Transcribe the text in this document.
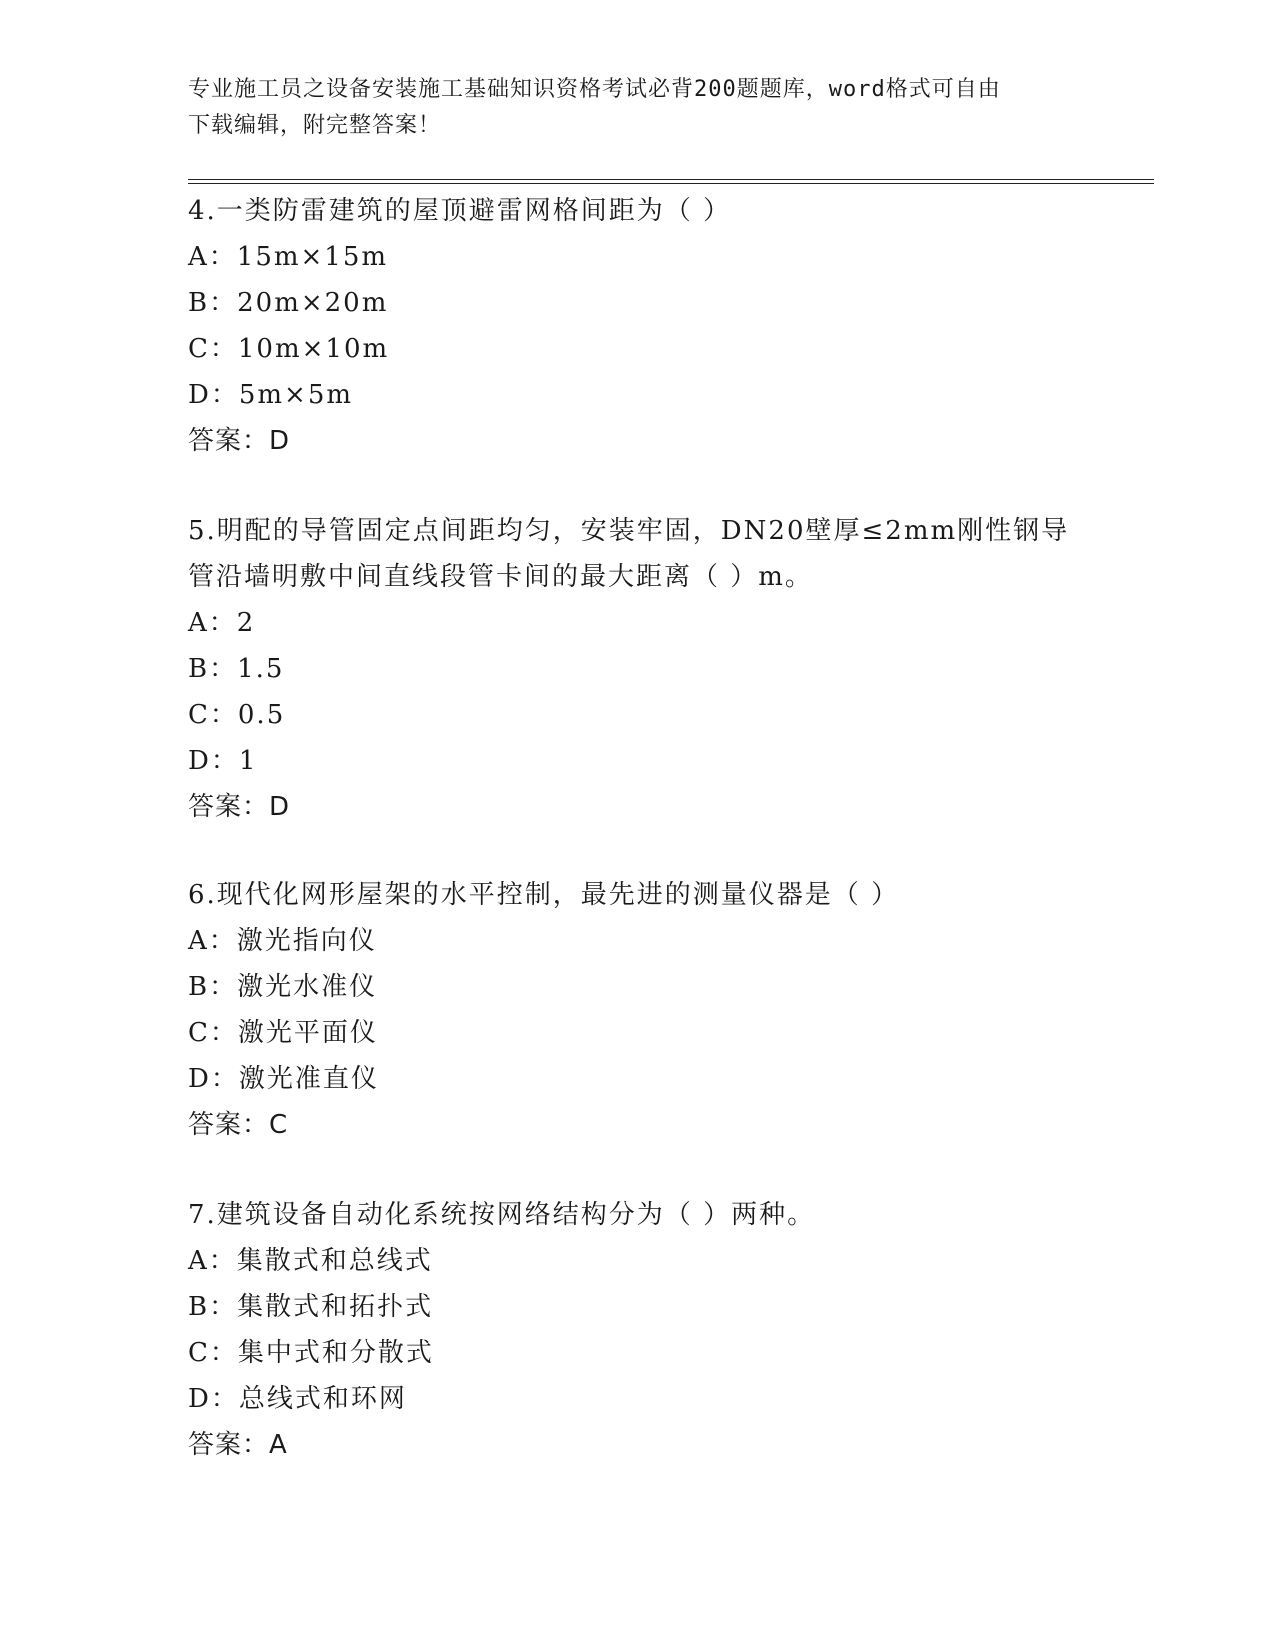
专业施工员之设备安装施工基础知识资格考试必背200题题库，word格式可自由
下载编辑，附完整答案！
4.一类防雷建筑的屋顶避雷网格间距为（ ）
A：15m×15m
B：20m×20m
C：10m×10m
D：5m×5m
答案：D
5.明配的导管固定点间距均匀，安装牢固，DN20壁厚≤2mm刚性钢导
管沿墙明敷中间直线段管卡间的最大距离（ ）m。
A：2
B：1.5
C：0.5
D：1
答案：D
6.现代化网形屋架的水平控制，最先进的测量仪器是（ ）
A：激光指向仪
B：激光水准仪
C：激光平面仪
D：激光准直仪
答案：C
7.建筑设备自动化系统按网络结构分为（ ）两种。
A：集散式和总线式
B：集散式和拓扑式
C：集中式和分散式
D：总线式和环网
答案：A
